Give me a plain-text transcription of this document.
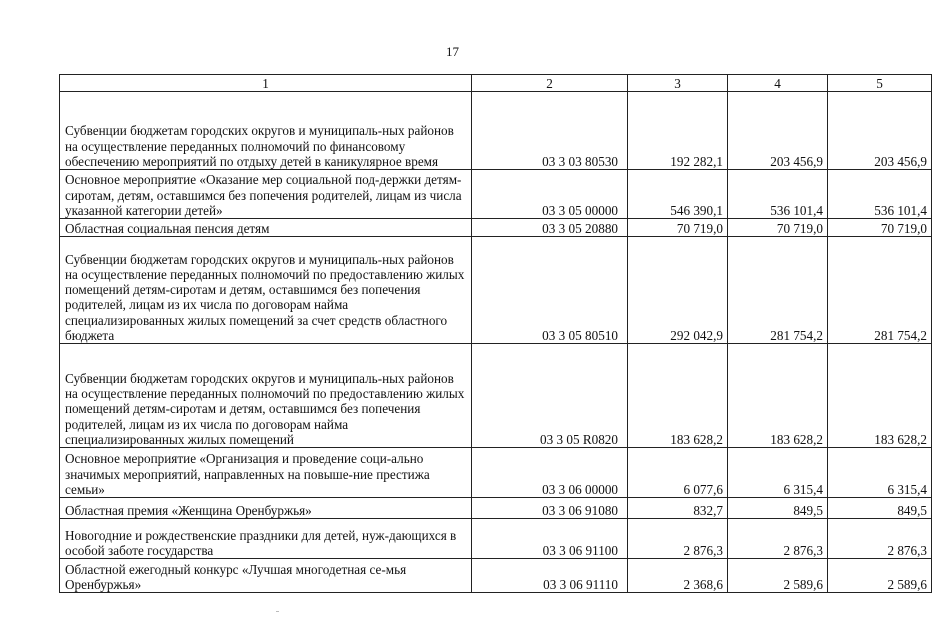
17
1	2	3	4	5
Субвенции бюджетам городских округов и муниципаль-ных районов на осуществление переданных полномочий по финансовому обеспечению мероприятий по отдыху детей в каникулярное время	03 3 03 80530	192 282,1	203 456,9	203 456,9
Основное мероприятие «Оказание мер социальной под-держки детям-сиротам, детям, оставшимся без попечения родителей, лицам из числа указанной категории детей»	03 3 05 00000	546 390,1	536 101,4	536 101,4
Областная социальная пенсия детям	03 3 05 20880	70 719,0	70 719,0	70 719,0
Субвенции бюджетам городских округов и муниципаль-ных районов на осуществление переданных полномочий по предоставлению жилых помещений детям-сиротам и детям, оставшимся без попечения родителей, лицам из их числа по договорам найма специализированных жилых помещений за счет средств областного бюджета	03 3 05 80510	292 042,9	281 754,2	281 754,2
Субвенции бюджетам городских округов и муниципаль-ных районов на осуществление переданных полномочий по предоставлению жилых помещений детям-сиротам и детям, оставшимся без попечения родителей, лицам из их числа по договорам найма специализированных жилых помещений	03 3 05 R0820	183 628,2	183 628,2	183 628,2
Основное мероприятие «Организация и проведение соци-ально значимых мероприятий, направленных на повыше-ние престижа семьи»	03 3 06 00000	6 077,6	6 315,4	6 315,4
Областная премия «Женщина Оренбуржья»	03 3 06 91080	832,7	849,5	849,5
Новогодние и рождественские праздники для детей, нуж-дающихся в особой заботе государства	03 3 06 91100	2 876,3	2 876,3	2 876,3
Областной ежегодный конкурс «Лучшая многодетная се-мья Оренбуржья»	03 3 06 91110	2 368,6	2 589,6	2 589,6
